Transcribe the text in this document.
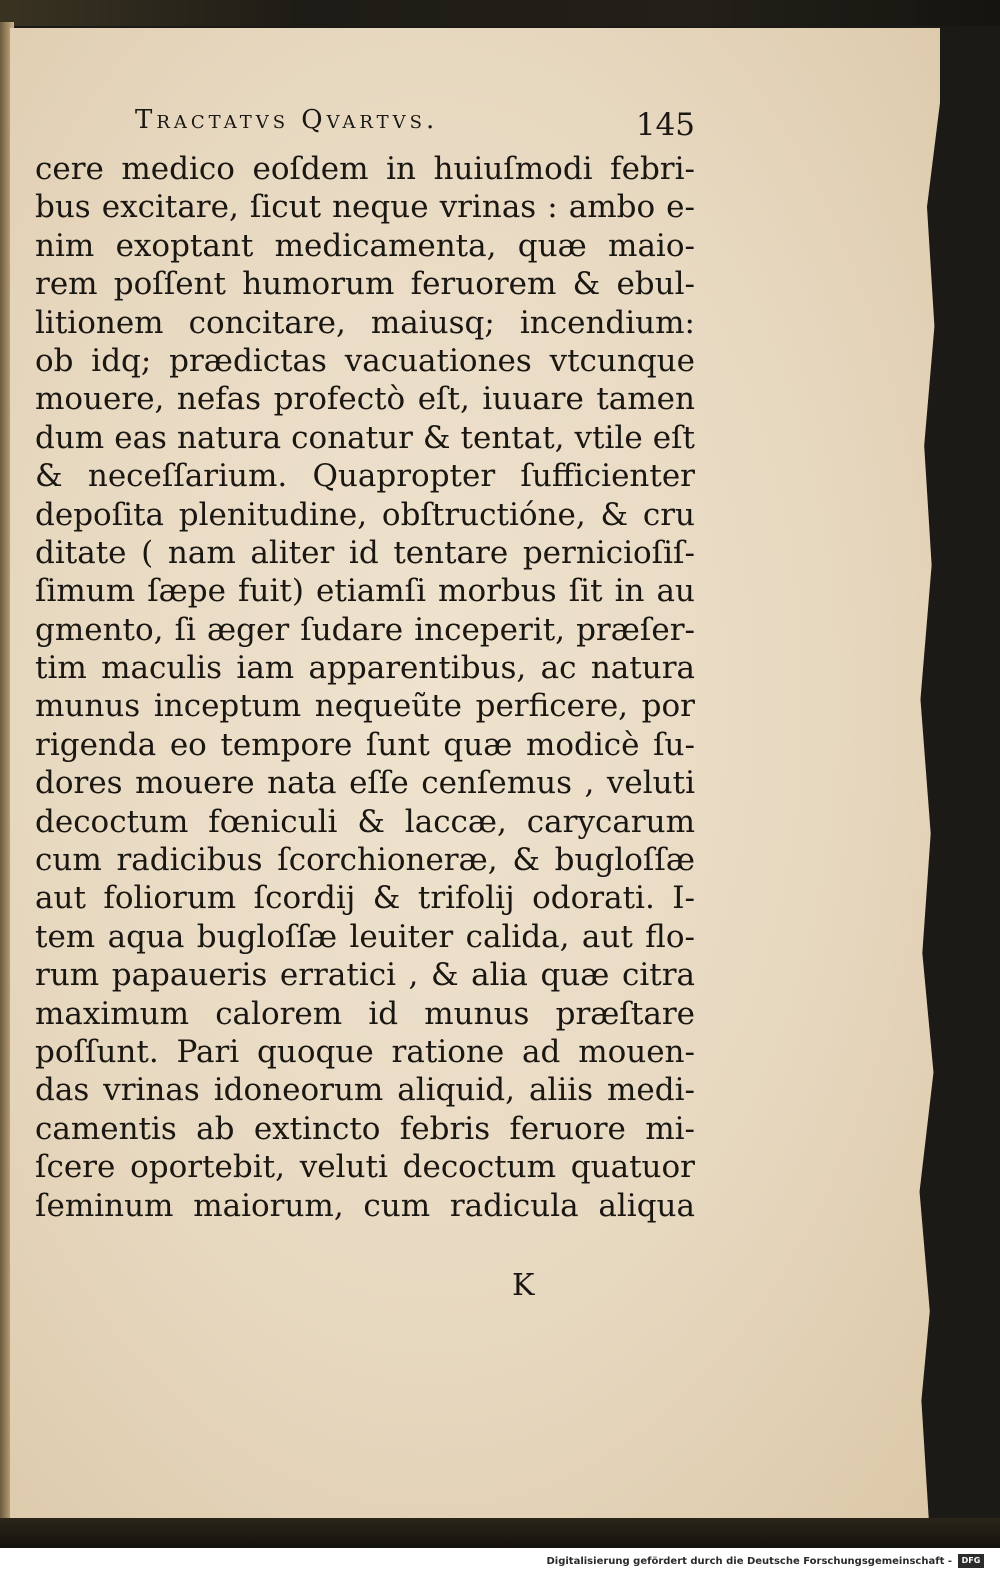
Tractatvs Qvartvs.	145
cere medico eoſdem in huiuſmodi febri-
bus excitare, ſicut neque vrinas : ambo e-
nim exoptant medicamenta, quæ maio-
rem poſſent humorum feruorem & ebul-
litionem concitare, maiusq; incendium:
ob idq; prædictas vacuationes vtcunque
mouere, nefas profectò eſt, iuuare tamen
dum eas natura conatur & tentat, vtile eſt
& neceſſarium. Quapropter ſufficienter
depoſita plenitudine, obſtructióne, & cru
ditate ( nam aliter id tentare pernicioſiſ-
ſimum ſæpe fuit) etiamſi morbus ſit in au
gmento, ſi æger ſudare inceperit, præſer-
tim maculis iam apparentibus, ac natura
munus inceptum nequeũte perficere, por
rigenda eo tempore ſunt quæ modicè ſu-
dores mouere nata eſſe cenſemus , veluti
decoctum fœniculi & laccæ, carycarum
cum radicibus ſcorchioneræ, & bugloſſæ
aut foliorum ſcordij & trifolij odorati. I-
tem aqua bugloſſæ leuiter calida, aut flo-
rum papaueris erratici , & alia quæ citra
maximum calorem id munus præſtare
poſſunt. Pari quoque ratione ad mouen-
das vrinas idoneorum aliquid, aliis medi-
camentis ab extincto febris feruore mi-
ſcere oportebit, veluti decoctum quatuor
ſeminum maiorum, cum radicula aliqua
K
Digitalisierung gefördert durch die Deutsche Forschungsgemeinschaft -	DFG
